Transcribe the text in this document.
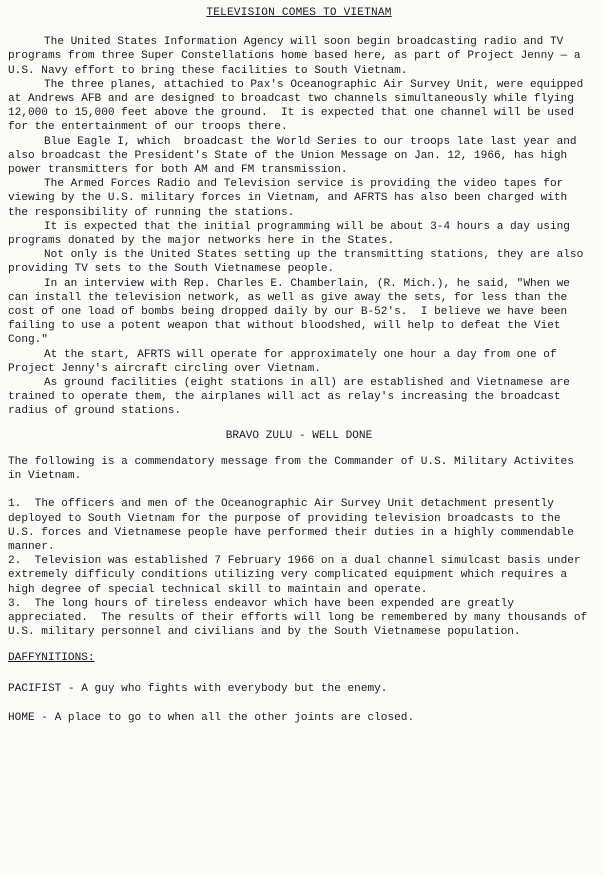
TELEVISION COMES TO VIETNAM

The United States Information Agency will soon begin broadcasting radio and TV programs from three Super Constellations home based here, as part of Project Jenny — a U.S. Navy effort to bring these facilities to South Vietnam.

The three planes, attachied to Pax's Oceanographic Air Survey Unit, were equipped at Andrews AFB and are designed to broadcast two channels simultaneously while flying 12,000 to 15,000 feet above the ground.  It is expected that one channel will be used for the entertainment of our troops there.

Blue Eagle I, which  broadcast the World Series to our troops late last year and also broadcast the President's State of the Union Message on Jan. 12, 1966, has high power transmitters for both AM and FM transmission.

The Armed Forces Radio and Television service is providing the video tapes for viewing by the U.S. military forces in Vietnam, and AFRTS has also been charged with the responsibility of running the stations.

It is expected that the initial programming will be about 3-4 hours a day using programs donated by the major networks here in the States.

Not only is the United States setting up the transmitting stations, they are also providing TV sets to the South Vietnamese people.

In an interview with Rep. Charles E. Chamberlain, (R. Mich.), he said, "When we can install the television network, as well as give away the sets, for less than the cost of one load of bombs being dropped daily by our B-52's.  I believe we have been failing to use a potent weapon that without bloodshed, will help to defeat the Viet Cong."

At the start, AFRTS will operate for approximately one hour a day from one of Project Jenny's aircraft circling over Vietnam.

As ground facilities (eight stations in all) are established and Vietnamese are trained to operate them, the airplanes will act as relay's increasing the broadcast radius of ground stations.

BRAVO ZULU - WELL DONE

The following is a commendatory message from the Commander of U.S. Military Activites in Vietnam.

1. The officers and men of the Oceanographic Air Survey Unit detachment presently deployed to South Vietnam for the purpose of providing television broadcasts to the U.S. forces and Vietnamese people have performed their duties in a highly commendable manner.

2. Television was established 7 February 1966 on a dual channel simulcast basis under extremely difficuly conditions utilizing very complicated equipment which requires a high degree of special technical skill to maintain and operate.

3. The long hours of tireless endeavor which have been expended are greatly appreciated.  The results of their efforts will long be remembered by many thousands of U.S. military personnel and civilians and by the South Vietnamese population.

DAFFYNITIONS:

PACIFIST - A guy who fights with everybody but the enemy.

HOME - A place to go to when all the other joints are closed.
